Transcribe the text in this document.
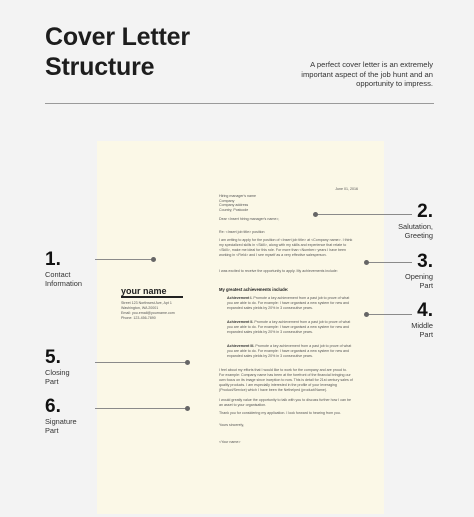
Cover Letter
Structure	A perfect cover letter is an extremely important aspect of the job hunt and an opportunity to impress.
June 01, 2016
Hiring manager's name
Company
Company address
Country, Postcode
Dear <Insert hiring manager's name>,
Re: <Insert job title> position
I am writing to apply for the position of <Insert job title> at <Company name>. I think my specialized skills in <Skill>, along with my skills and experience that relate to <Skill>, make me ideal for this role. For more than <Number> years I have been working in <Field> and I see myself as a very effective salesperson.
I was excited to receive the opportunity to apply. My achievements include:
your name
Street 123 Northwest Ave, Apt 1
Washington, WA 20001
Email: you.email@yourname.com
Phone: 123-456-7890
My greatest achievements include:
Achievement I. Promote a key achievement from a past job to prove of what you are able to do. For example: I have organised a new system for new and expanded sales yields by 20% in 3 consecutive years.
Achievement II. Promote a key achievement from a past job to prove of what you are able to do. For example: I have organised a new system for new and expanded sales yields by 20% in 3 consecutive years.
Achievement III. Promote a key achievement from a past job to prove of what you are able to do. For example: I have organised a new system for new and expanded sales yields by 20% in 3 consecutive years.
I feel about my efforts that I would like to work for the company and are proud to. For example: Company name has been at the forefront of the financial bringing our own focus on its image since inception to now. This is detail for 21st century sales of quality products. I am especially interested in the profile of your leveraging (Product/Service) which I have been the Nethelped (product/Name).
I would greatly value the opportunity to talk with you to discuss further how I can be an asset to your organisation.
Thank you for considering my application. I look forward to hearing from you.
Yours sincerely,
<Your name>
1.
Contact
Information
2.
Salutation,
Greeting
3.
Opening
Part
4.
Middle
Part
5.
Closing
Part
6.
Signature
Part
